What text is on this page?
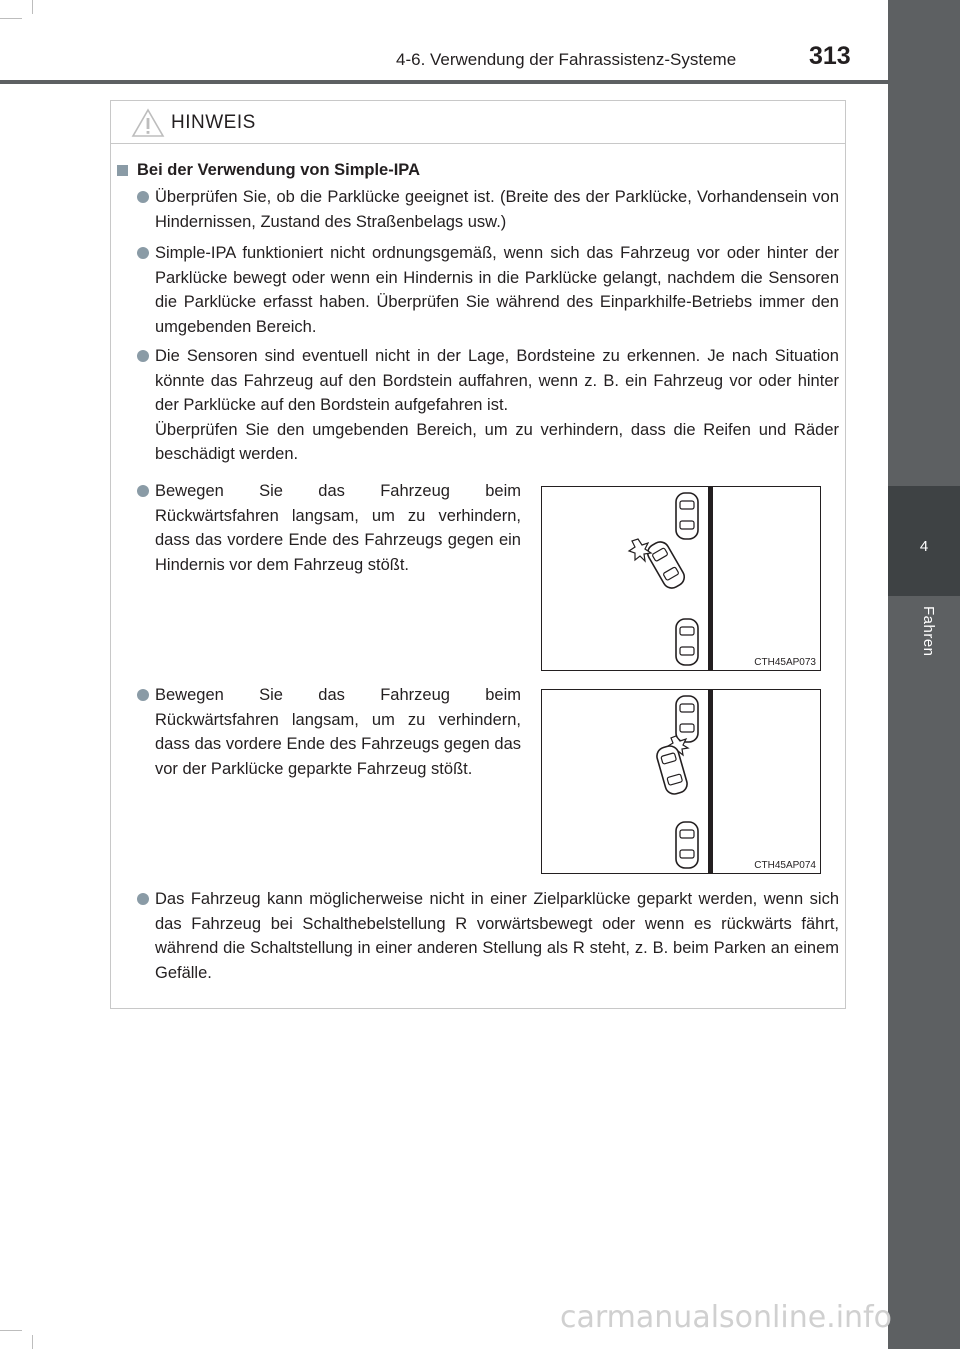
4
Fahren
4-6. Verwendung der Fahrassistenz-Systeme	313
HINWEIS
Bei der Verwendung von Simple-IPA

Überprüfen Sie, ob die Parklücke geeignet ist. (Breite des der Parklücke, Vorhandensein von Hindernissen, Zustand des Straßenbelags usw.)

Simple-IPA funktioniert nicht ordnungsgemäß, wenn sich das Fahrzeug vor oder hinter der Parklücke bewegt oder wenn ein Hindernis in die Parklücke gelangt, nachdem die Sensoren die Parklücke erfasst haben. Überprüfen Sie während des Einparkhilfe-Betriebs immer den umgebenden Bereich.

Die Sensoren sind eventuell nicht in der Lage, Bordsteine zu erkennen. Je nach Situation könnte das Fahrzeug auf den Bordstein auffahren, wenn z. B. ein Fahrzeug vor oder hinter der Parklücke auf den Bordstein aufgefahren ist.

Überprüfen Sie den umgebenden Bereich, um zu verhindern, dass die Reifen und Räder beschädigt werden.

Bewegen Sie das Fahrzeug beim Rückwärtsfahren langsam, um zu verhindern, dass das vordere Ende des Fahrzeugs gegen ein Hindernis vor dem Fahrzeug stößt.

CTH45AP073

Bewegen Sie das Fahrzeug beim Rückwärtsfahren langsam, um zu verhindern, dass das vordere Ende des Fahrzeugs gegen das vor der Parklücke geparkte Fahrzeug stößt.

CTH45AP074

Das Fahrzeug kann möglicherweise nicht in einer Zielparklücke geparkt werden, wenn sich das Fahrzeug bei Schalthebelstellung R vorwärtsbewegt oder wenn es rückwärts fährt, während die Schaltstellung in einer anderen Stellung als R steht, z. B. beim Parken an einem Gefälle.

carmanualsonline.info
